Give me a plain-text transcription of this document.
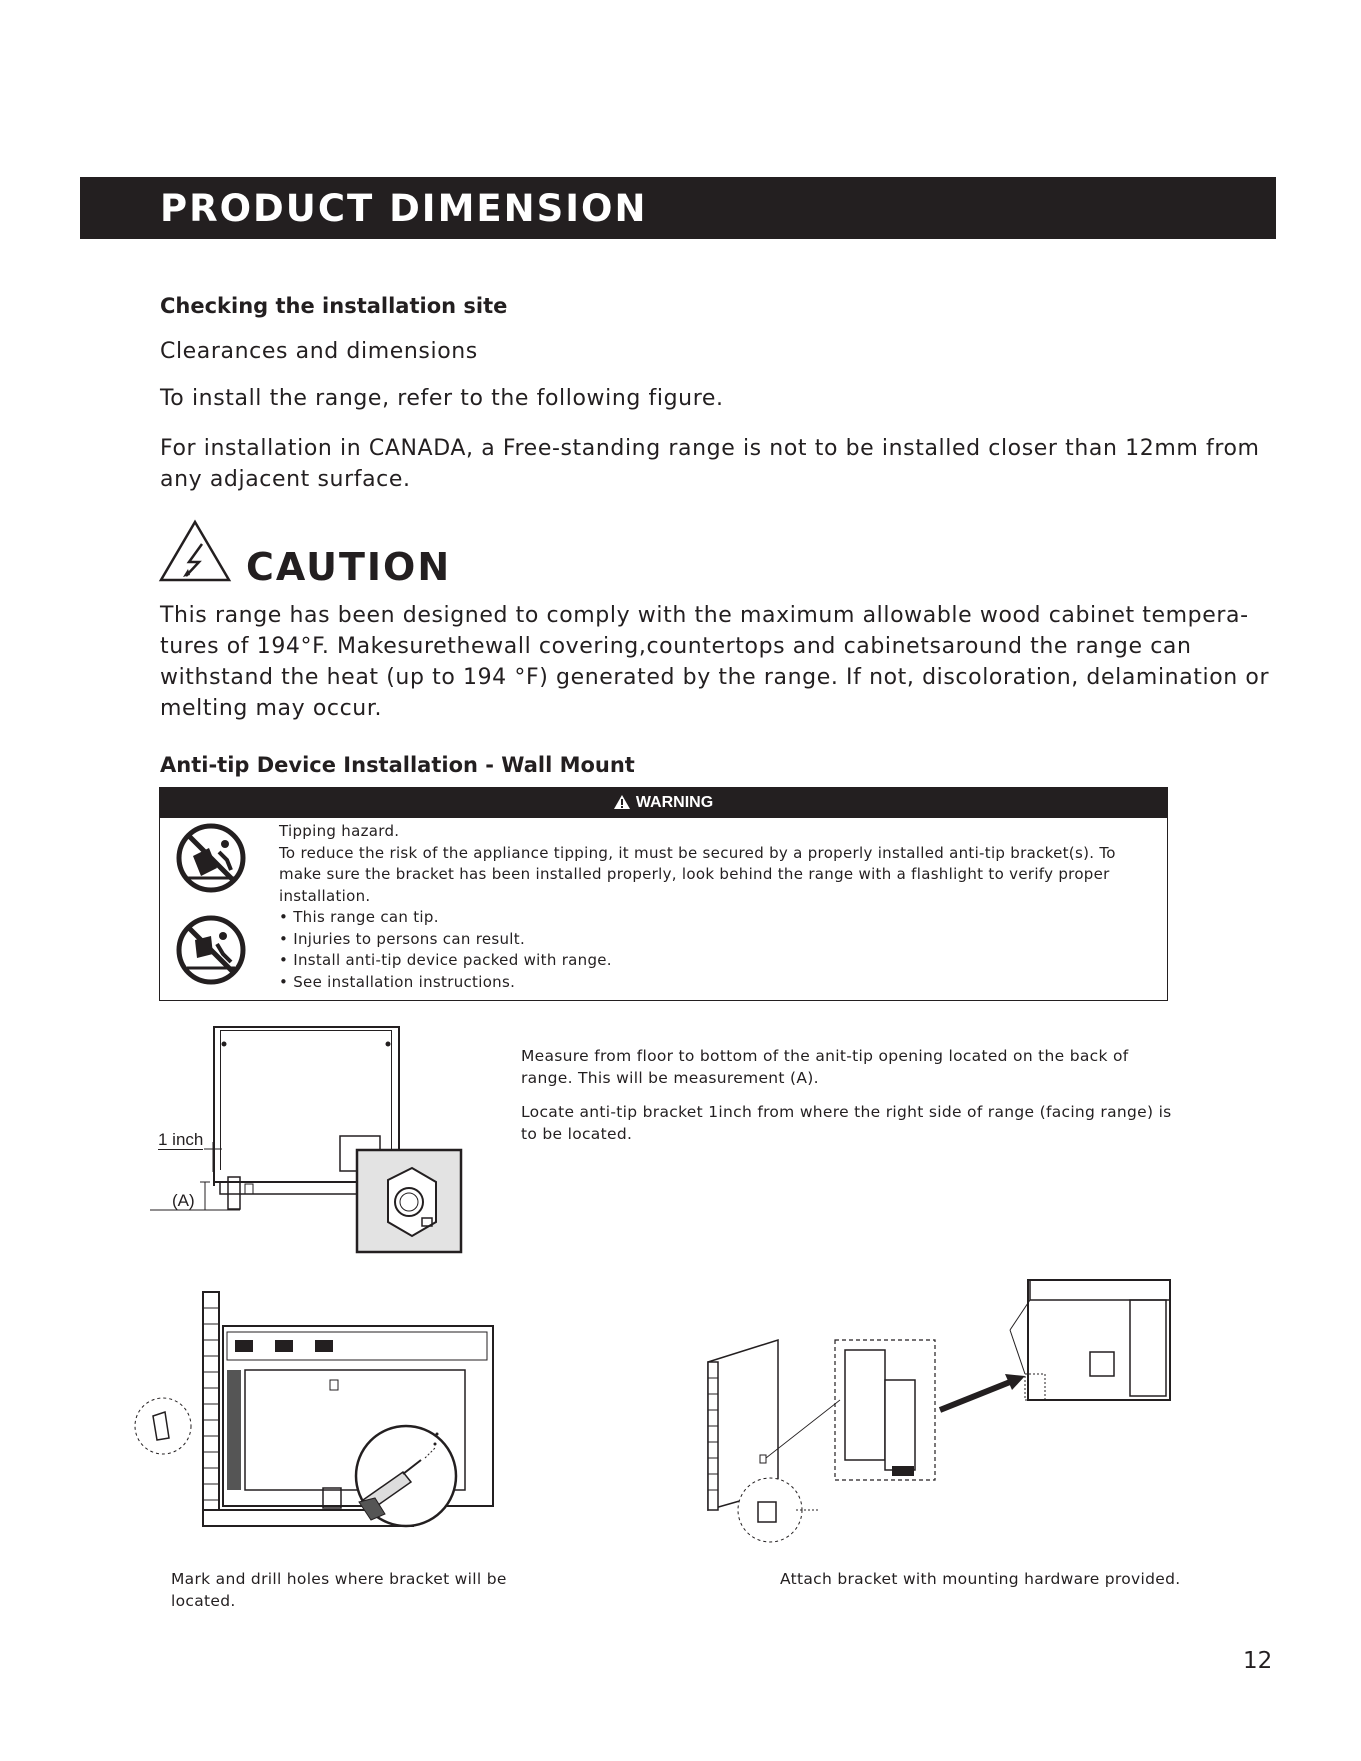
PRODUCT DIMENSION
Checking the installation site
Clearances and dimensions
To install the range, refer to the following figure.
For installation in CANADA, a Free-standing range is not to be installed closer than 12mm from
any adjacent surface.
CAUTION
This range has been designed to comply with the maximum allowable wood cabinet tempera-
tures of 194°F. Makesurethewall covering,countertops and cabinetsaround the range can
withstand the heat (up to 194 °F) generated by the range. If not, discoloration, delamination or
melting may occur.
Anti-tip Device Installation - Wall Mount
WARNING
Tipping hazard.
To reduce the risk of the appliance tipping, it must be secured by a properly installed anti-tip bracket(s). To
make sure the bracket has been installed properly, look behind the range with a flashlight to verify proper
installation.
• This range can tip.
• Injuries to persons can result.
• Install anti-tip device packed with range.
• See installation instructions.
1 inch
(A)
Measure from floor to bottom of the anit-tip opening located on the back of
range. This will be measurement (A).
Locate anti-tip bracket 1inch from where the right side of range (facing range) is
to be located.
Mark and drill holes where bracket will be
located.
Attach bracket with mounting hardware provided.
12
